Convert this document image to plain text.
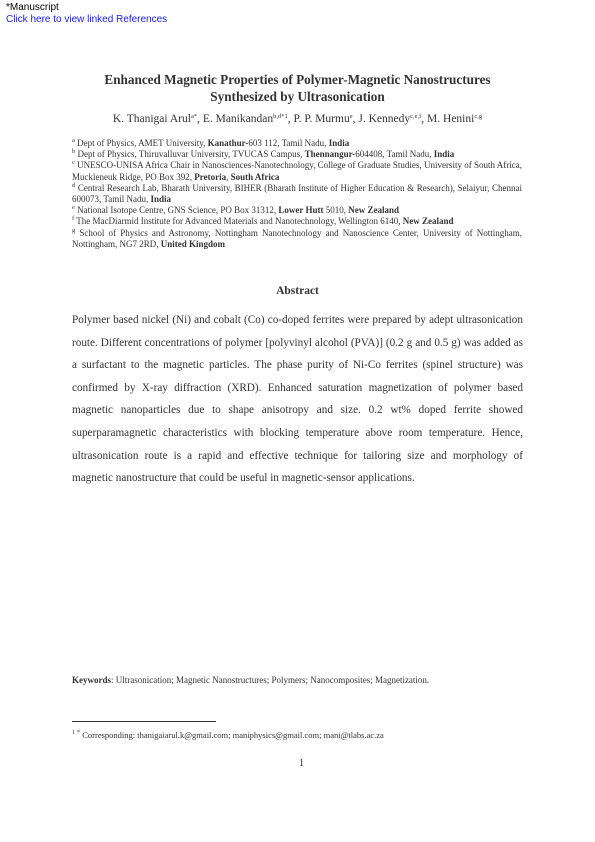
*Manuscript
Click here to view linked References
Enhanced Magnetic Properties of Polymer-Magnetic Nanostructures
Synthesized by Ultrasonication
K. Thanigai Arul$^{a*}$, E. Manikandan$^{b,d*1}$, P. P. Murmu$^e$, J. Kennedy$^{c,e,f}$, M. Henini$^{c,g}$
$^a$ Dept of Physics, AMET University, Kanathur-603 112, Tamil Nadu, India
$^b$ Dept of Physics, Thiruvalluvar University, TVUCAS Campus, Thennangur-604408, Tamil Nadu, India
$^c$ UNESCO-UNISA Africa Chair in Nanosciences-Nanotechnology, College of Graduate Studies, University of South Africa, Muckleneuk Ridge, PO Box 392, Pretoria, South Africa
$^d$ Central Research Lab, Bharath University, BIHER (Bharath Institute of Higher Education & Research), Selaiyur, Chennai 600073, Tamil Nadu, India
$^e$ National Isotope Centre, GNS Science, PO Box 31312, Lower Hutt 5010, New Zealand
$^f$ The MacDiarmid Institute for Advanced Materials and Nanotechnology, Wellington 6140, New Zealand
$^g$ School of Physics and Astronomy, Nottingham Nanotechnology and Nanoscience Center, University of Nottingham, Nottingham, NG7 2RD, United Kingdom
Abstract
Polymer based nickel (Ni) and cobalt (Co) co-doped ferrites were prepared by adept ultrasonication route. Different concentrations of polymer [polyvinyl alcohol (PVA)] (0.2 g and 0.5 g) was added as a surfactant to the magnetic particles. The phase purity of Ni-Co ferrites (spinel structure) was confirmed by X-ray diffraction (XRD). Enhanced saturation magnetization of polymer based magnetic nanoparticles due to shape anisotropy and size. 0.2 wt% doped ferrite showed superparamagnetic characteristics with blocking temperature above room temperature. Hence, ultrasonication route is a rapid and effective technique for tailoring size and morphology of magnetic nanostructure that could be useful in magnetic-sensor applications.
Keywords: Ultrasonication; Magnetic Nanostructures; Polymers; Nanocomposites; Magnetization.
$^{1 *}$ Corresponding: thanigaiarul.k@gmail.com; maniphysics@gmail.com; mani@tlabs.ac.za
1
